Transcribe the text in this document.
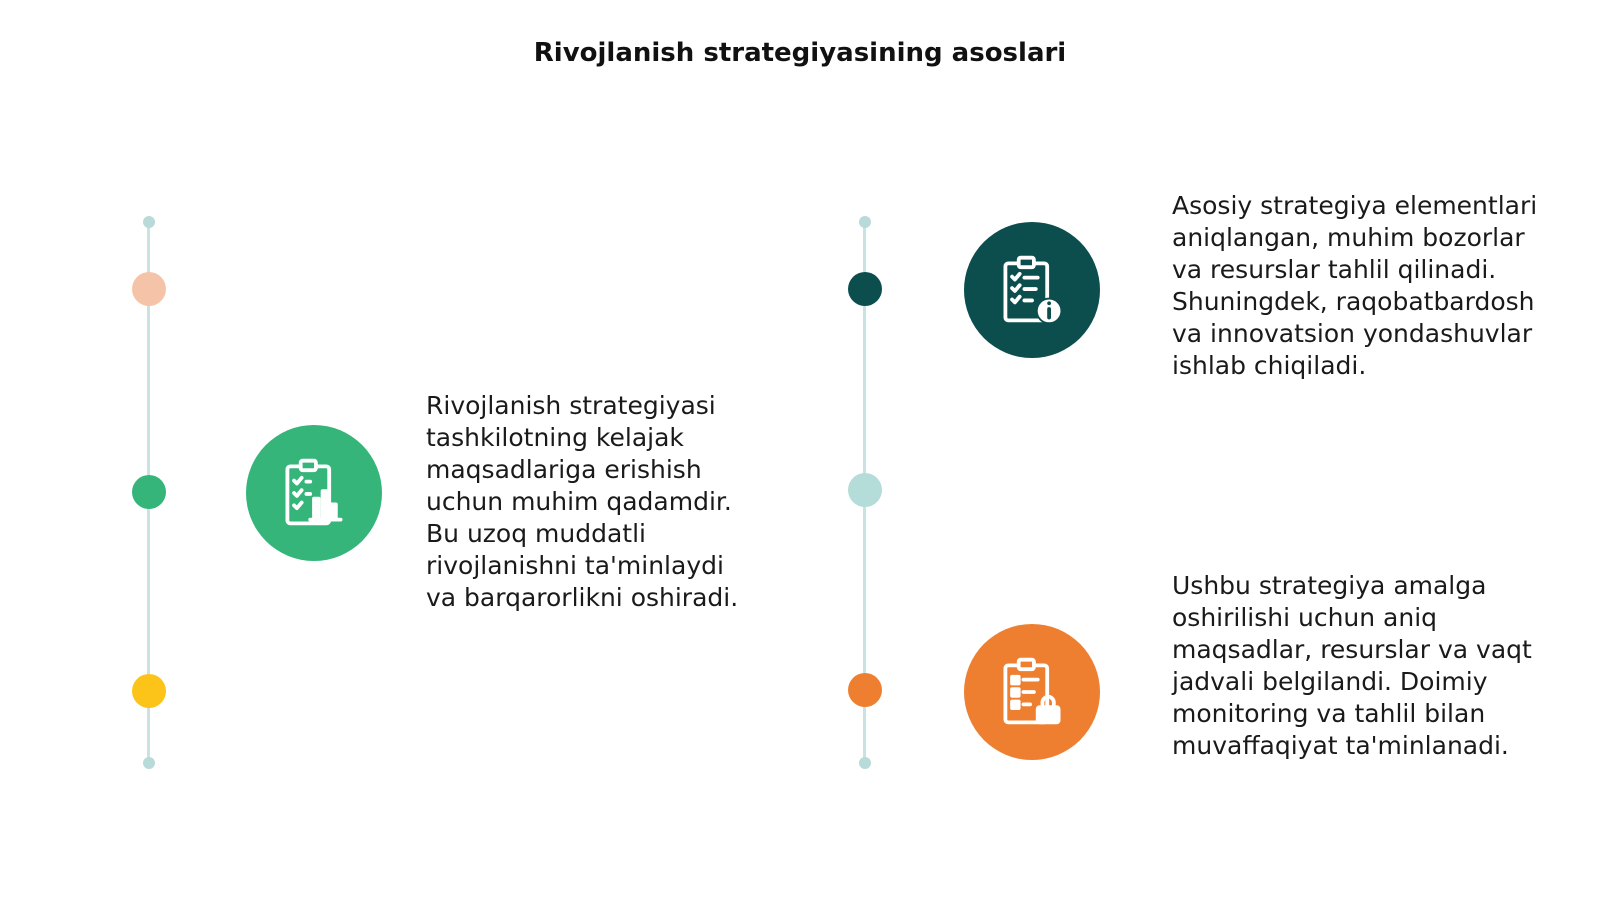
Rivojlanish strategiyasining asoslari

Rivojlanish strategiyasi tashkilotning kelajak maqsadlariga erishish uchun muhim qadamdir. Bu uzoq muddatli rivojlanishni ta'minlaydi va barqarorlikni oshiradi.

Asosiy strategiya elementlari aniqlangan, muhim bozorlar va resurslar tahlil qilinadi. Shuningdek, raqobatbardosh va innovatsion yondashuvlar ishlab chiqiladi.

Ushbu strategiya amalga oshirilishi uchun aniq maqsadlar, resurslar va vaqt jadvali belgilandi. Doimiy monitoring va tahlil bilan muvaffaqiyat ta'minlanadi.
